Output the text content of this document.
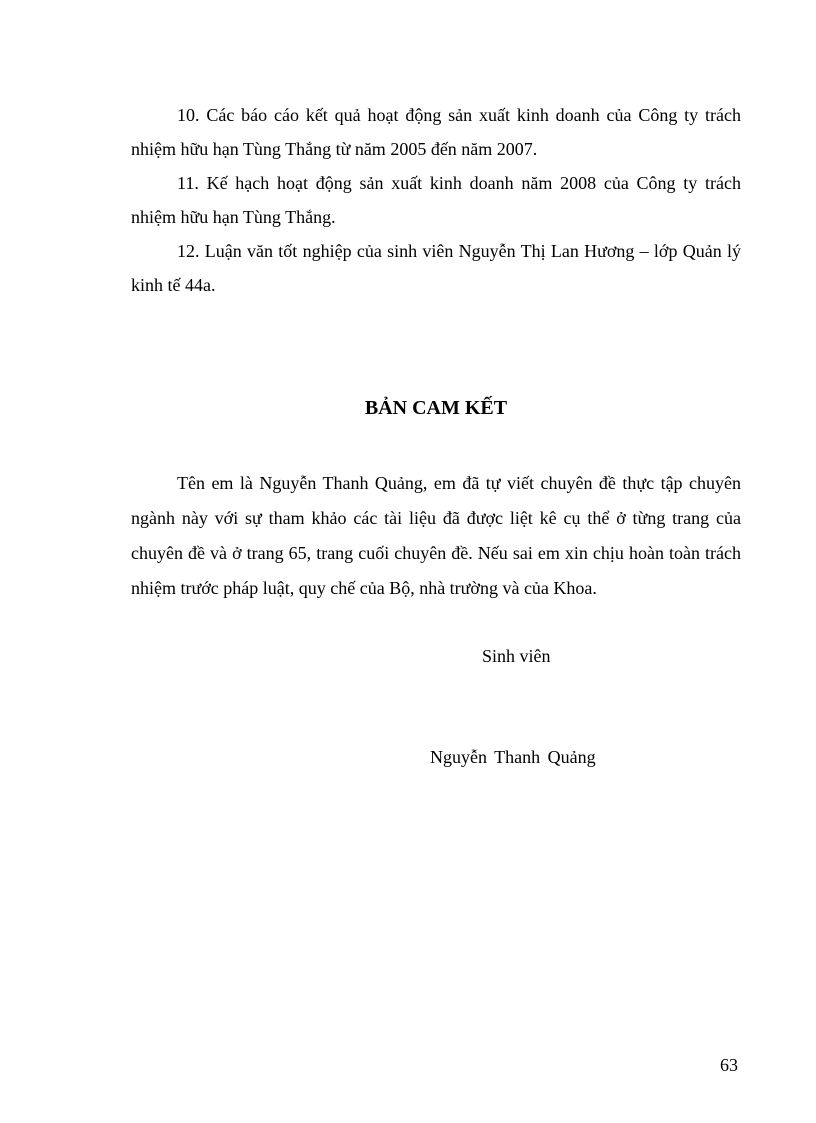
10. Các báo cáo kết quả hoạt động sản xuất kinh doanh của Công ty trách nhiệm hữu hạn Tùng Thắng từ năm 2005 đến năm 2007.

11. Kế hạch hoạt động sản xuất kinh doanh năm 2008 của Công ty trách nhiệm hữu hạn Tùng Thắng.

12. Luận văn tốt nghiệp của sinh viên Nguyễn Thị Lan Hương – lớp Quản lý kinh tế 44a.

BẢN CAM KẾT

Tên em là Nguyễn Thanh Quảng, em đã tự viết chuyên đề thực tập chuyên ngành này với sự tham khảo các tài liệu đã được liệt kê cụ thể ở từng trang của chuyên đề và ở trang 65, trang cuối chuyên đề. Nếu sai em xin chịu hoàn toàn trách nhiệm trước pháp luật, quy chế của Bộ, nhà trường và của Khoa.

Sinh viên

Nguyễn Thanh Quảng

63
